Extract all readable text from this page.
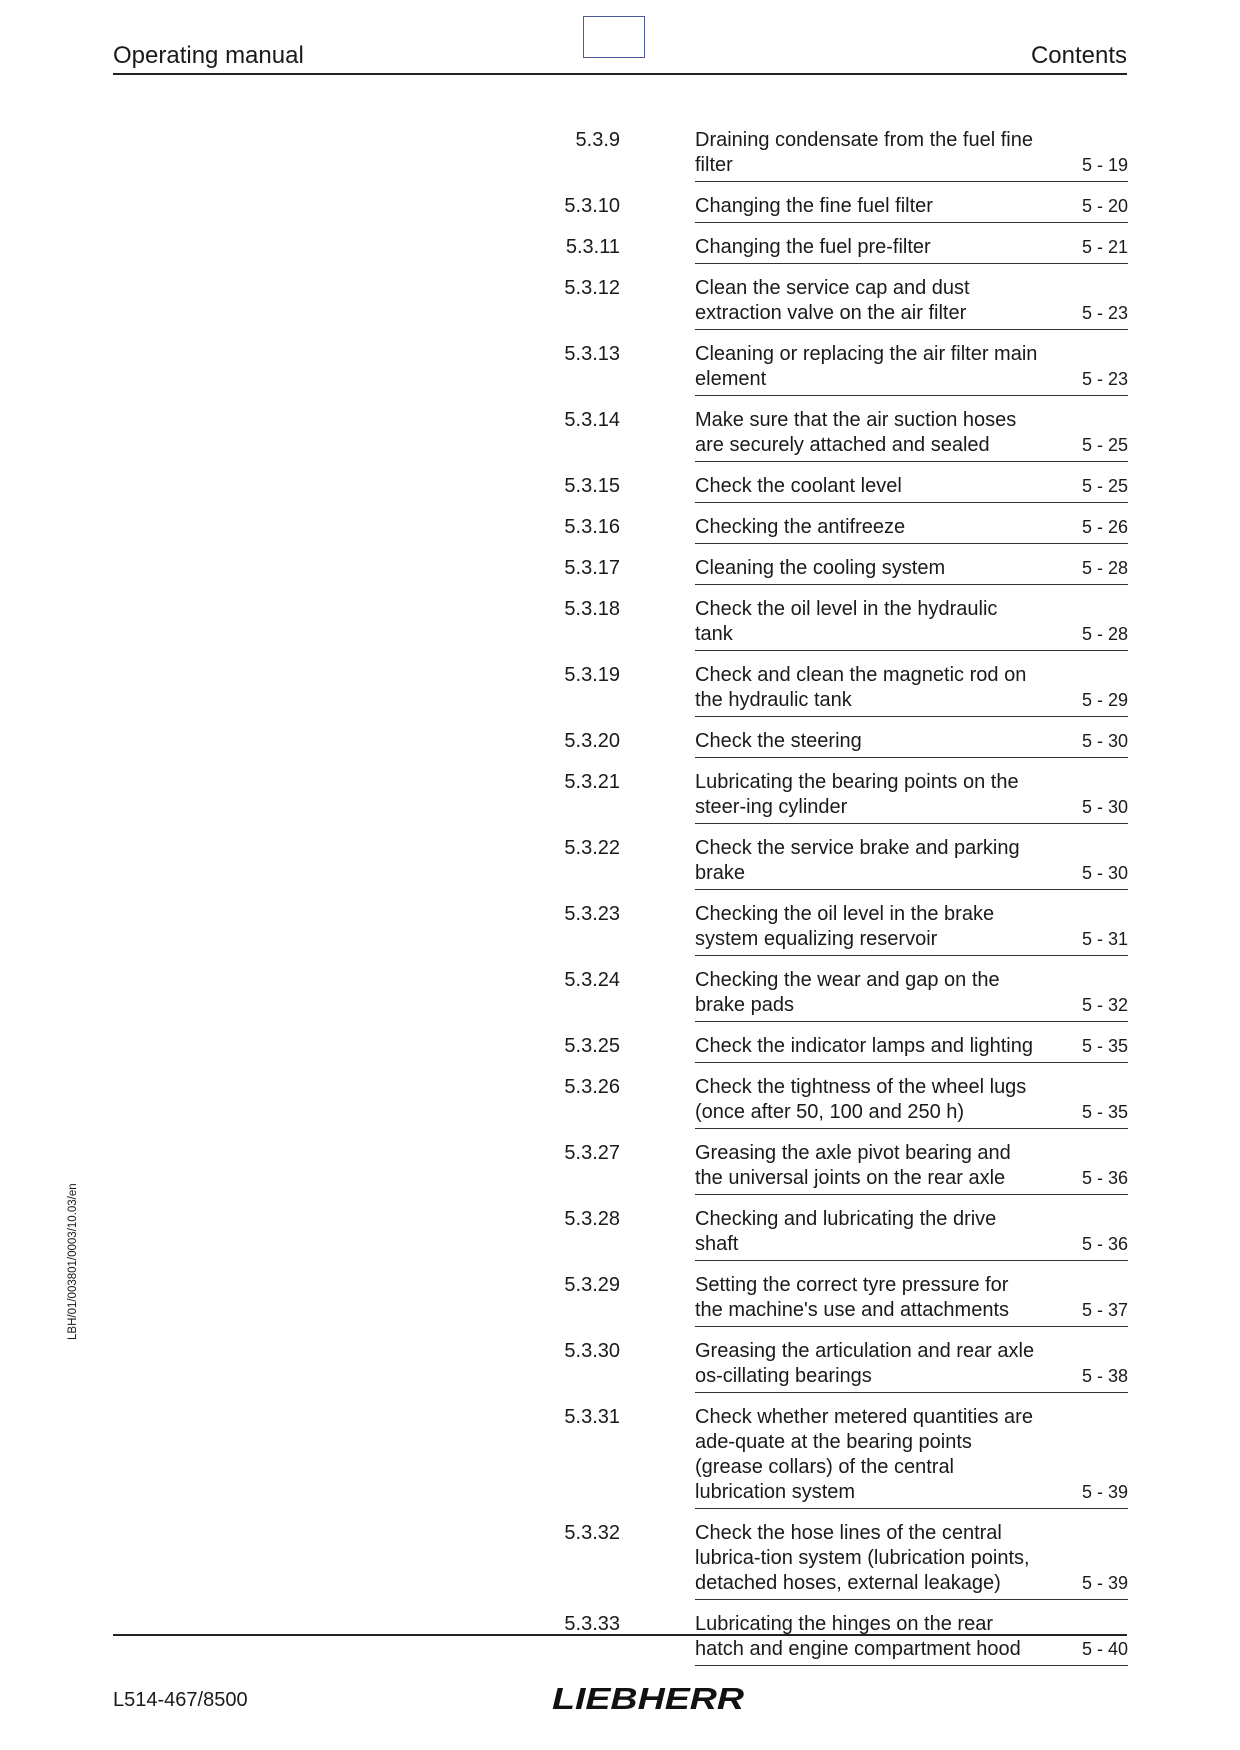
Operating manual	Contents
5.3.9	Draining condensate from the fuel fine filter	5 - 19
5.3.10	Changing the fine fuel filter	5 - 20
5.3.11	Changing the fuel pre-filter	5 - 21
5.3.12	Clean the service cap and dust extraction valve on the air filter	5 - 23
5.3.13	Cleaning or replacing the air filter main element	5 - 23
5.3.14	Make sure that the air suction hoses are securely attached and sealed	5 - 25
5.3.15	Check the coolant level	5 - 25
5.3.16	Checking the antifreeze	5 - 26
5.3.17	Cleaning the cooling system	5 - 28
5.3.18	Check the oil level in the hydraulic tank	5 - 28
5.3.19	Check and clean the magnetic rod on the hydraulic tank	5 - 29
5.3.20	Check the steering	5 - 30
5.3.21	Lubricating the bearing points on the steer-ing cylinder	5 - 30
5.3.22	Check the service brake and parking brake	5 - 30
5.3.23	Checking the oil level in the brake system equalizing reservoir	5 - 31
5.3.24	Checking the wear and gap on the brake pads	5 - 32
5.3.25	Check the indicator lamps and lighting	5 - 35
5.3.26	Check the tightness of the wheel lugs (once after 50, 100 and 250 h)	5 - 35
5.3.27	Greasing the axle pivot bearing and the universal joints on the rear axle	5 - 36
5.3.28	Checking and lubricating the drive shaft	5 - 36
5.3.29	Setting the correct tyre pressure for the machine's use and attachments	5 - 37
5.3.30	Greasing the articulation and rear axle os-cillating bearings	5 - 38
5.3.31	Check whether metered quantities are ade-quate at the bearing points (grease collars) of the central lubrication system	5 - 39
5.3.32	Check the hose lines of the central lubrica-tion system (lubrication points, detached hoses, external leakage)	5 - 39
5.3.33	Lubricating the hinges on the rear hatch and engine compartment hood	5 - 40
LBH/01/003801/0003/10.03/en
L514-467/8500	LIEBHERR
